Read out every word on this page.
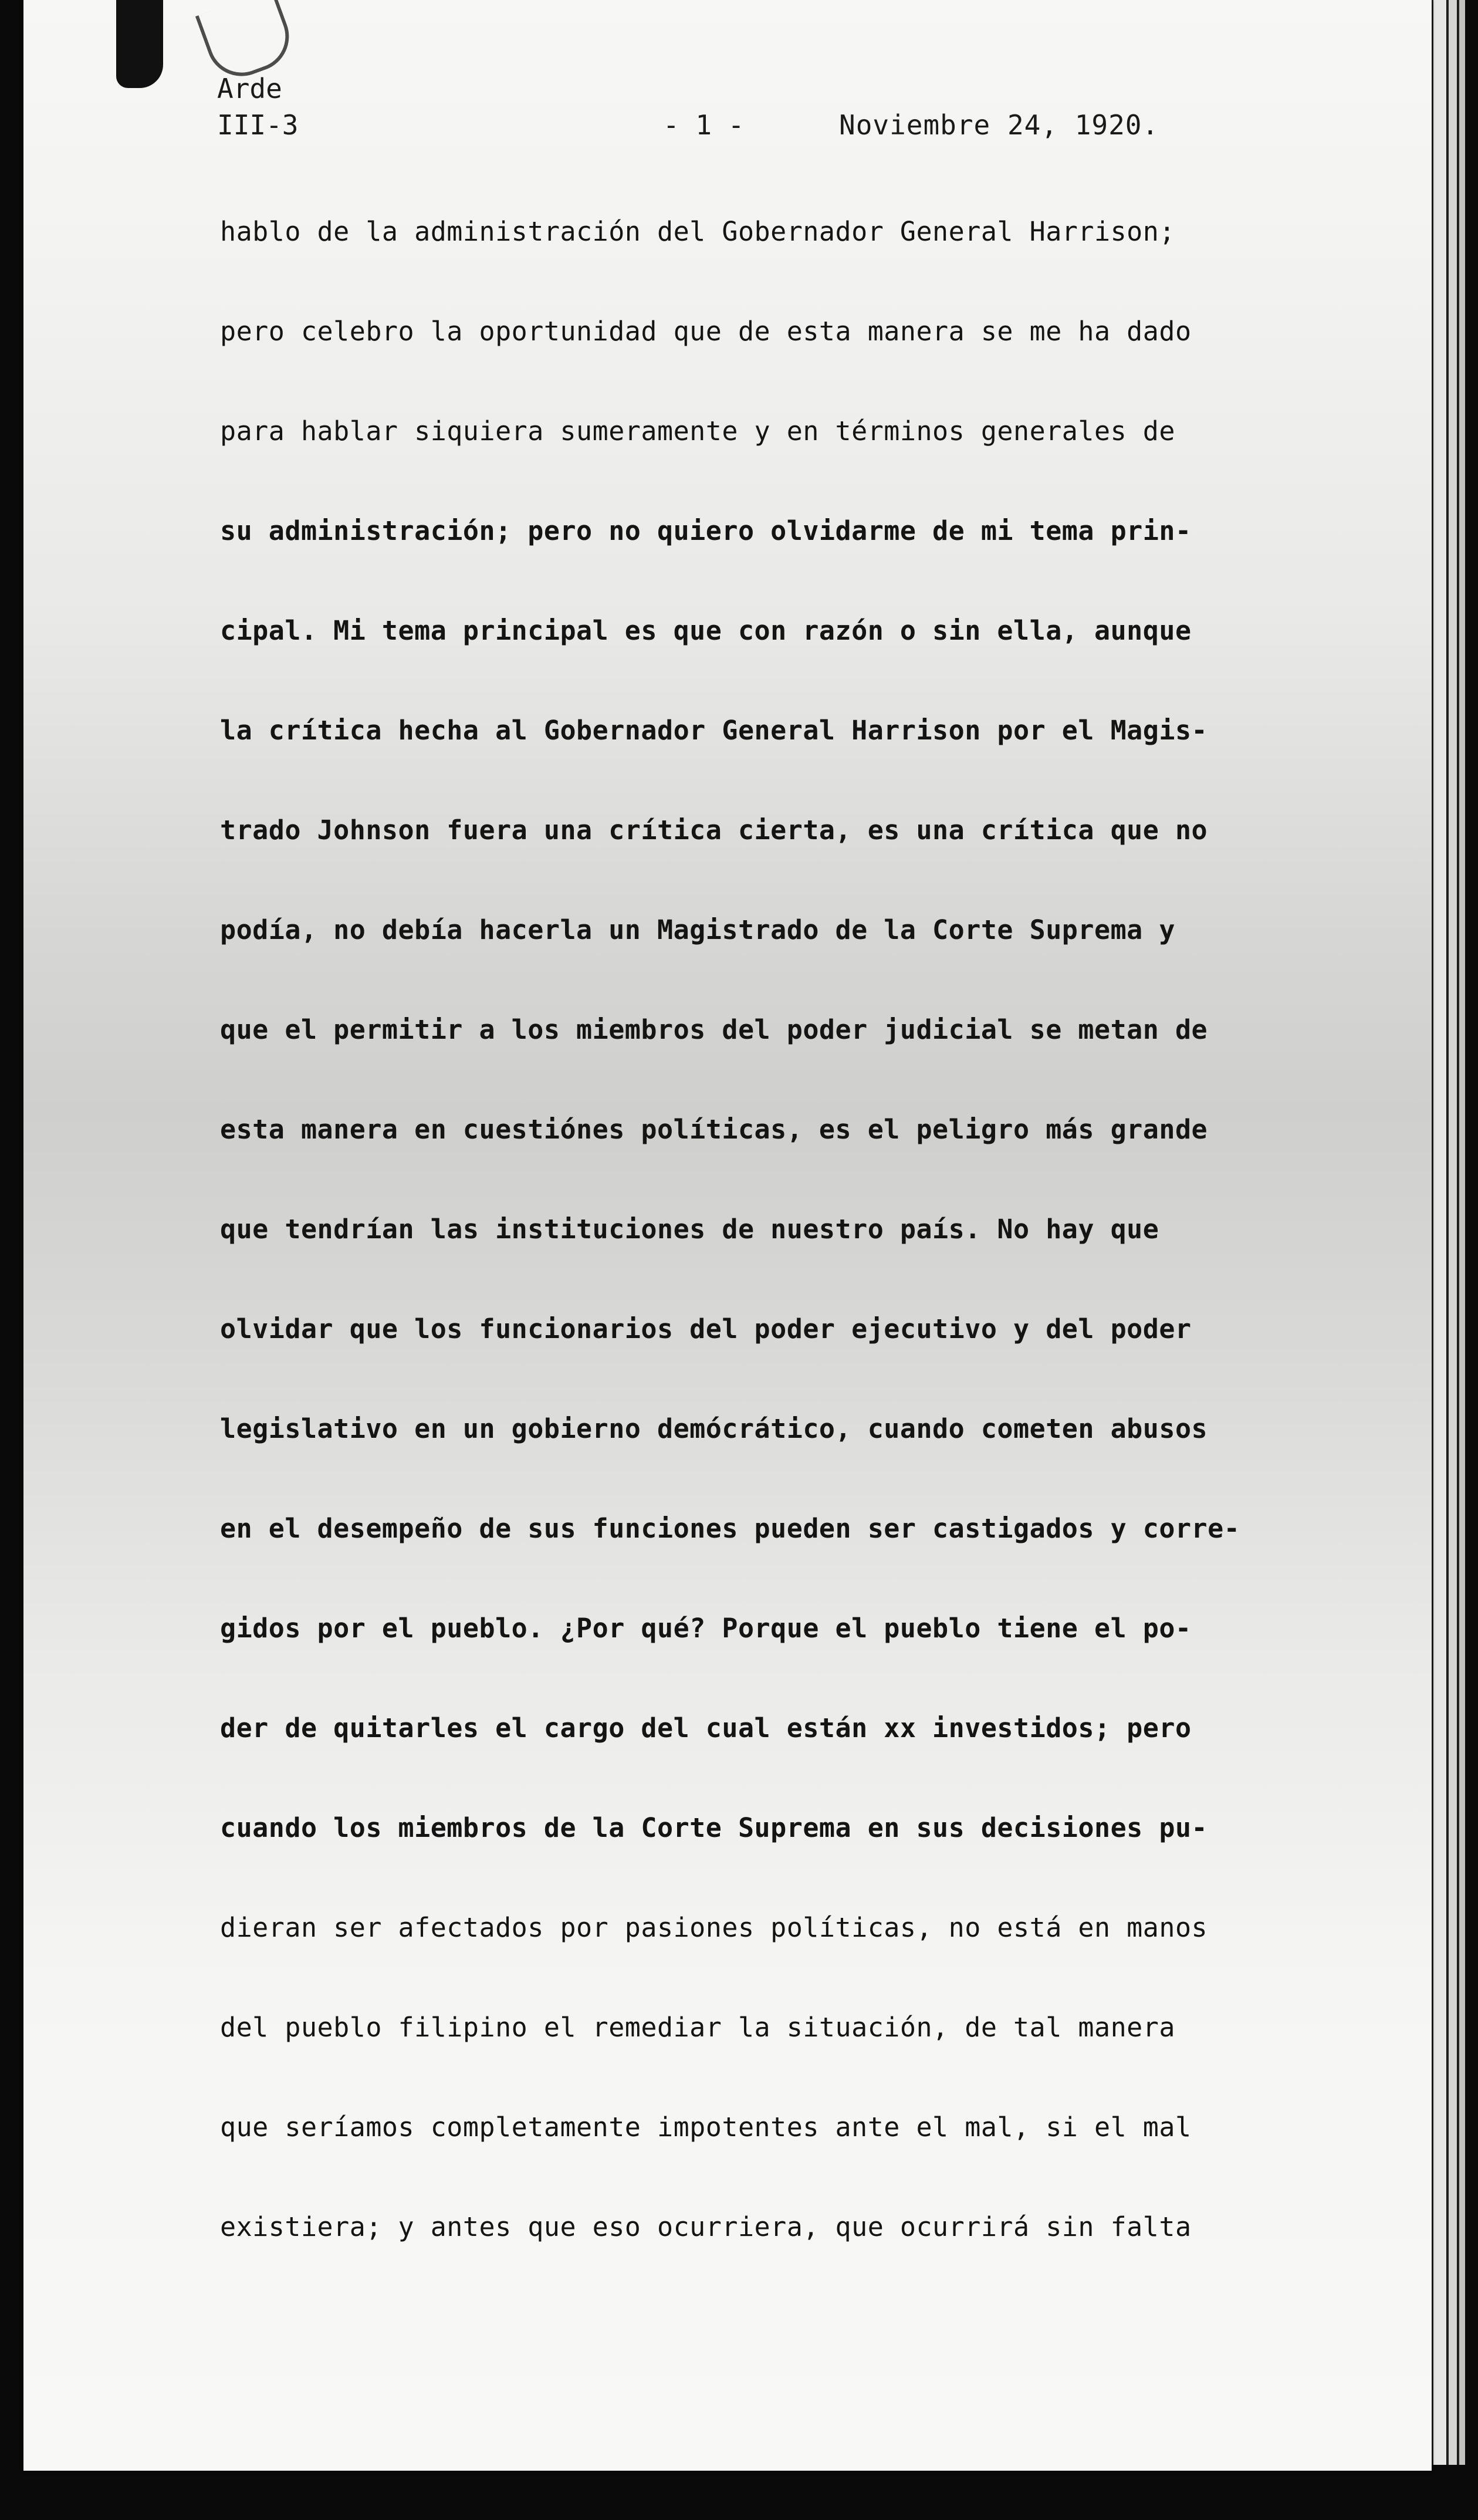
Arde
III-3	- 1 -	Noviembre 24, 1920.
hablo de la administración del Gobernador General Harrison;
pero celebro la oportunidad que de esta manera se me ha dado
para hablar siquiera sumeramente y en términos generales de
su administración; pero no quiero olvidarme de mi tema prin-
cipal. Mi tema principal es que con razón o sin ella, aunque
la crítica hecha al Gobernador General Harrison por el Magis-
trado Johnson fuera una crítica cierta, es una crítica que no
podía, no debía hacerla un Magistrado de la Corte Suprema y
que el permitir a los miembros del poder judicial se metan de
esta manera en cuestiónes políticas, es el peligro más grande
que tendrían las instituciones de nuestro país. No hay que
olvidar que los funcionarios del poder ejecutivo y del poder
legislativo en un gobierno demócrático, cuando cometen abusos
en el desempeño de sus funciones pueden ser castigados y corre-
gidos por el pueblo. ¿Por qué? Porque el pueblo tiene el po-
der de quitarles el cargo del cual están xx investidos; pero
cuando los miembros de la Corte Suprema en sus decisiones pu-
dieran ser afectados por pasiones políticas, no está en manos
del pueblo filipino el remediar la situación, de tal manera
que seríamos completamente impotentes ante el mal, si el mal
existiera; y antes que eso ocurriera, que ocurrirá sin falta
